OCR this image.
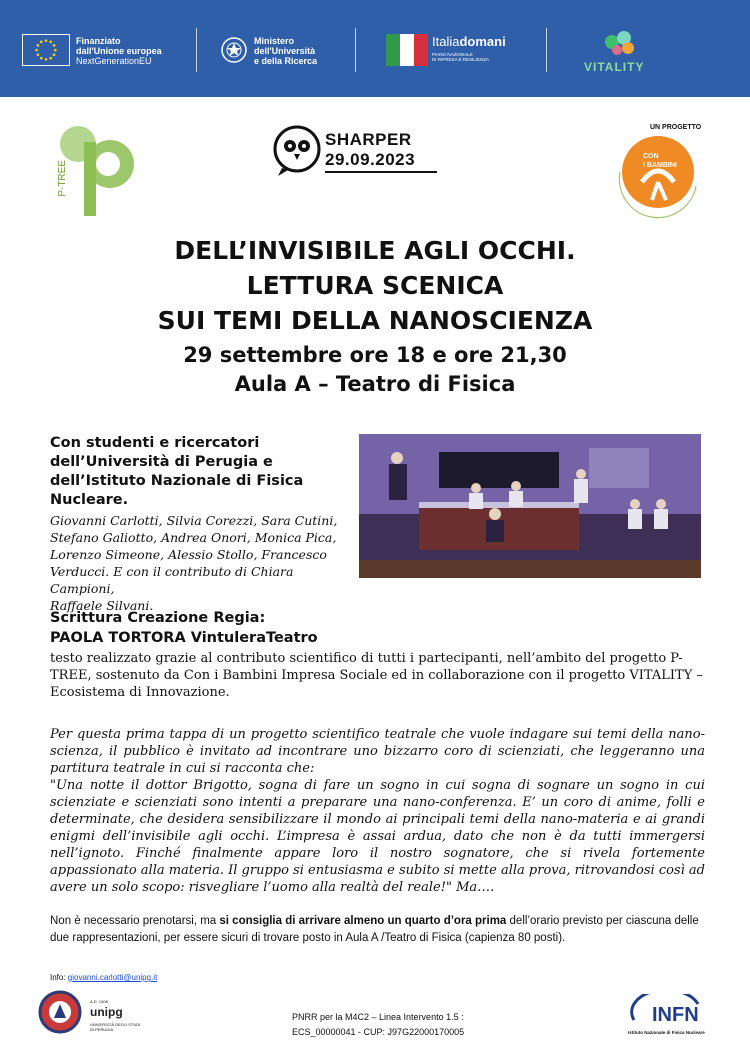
Finanziato
dall'Unione europea
NextGenerationEU
Ministero
dell'Università
e della Ricerca
Italiadomani
PIANO NAZIONALE
DI RIPRESA E RESILIENZA
VITALITY
P-TREE
SHARPER
29.09.2023
UN PROGETTO
CON
I BAMBINI
DELL’INVISIBILE AGLI OCCHI.
LETTURA SCENICA
SUI TEMI DELLA NANOSCIENZA
29 settembre ore 18 e ore 21,30
Aula A – Teatro di Fisica
Con studenti e ricercatori
dell’Università di Perugia e
dell’Istituto Nazionale di Fisica
Nucleare.
Giovanni Carlotti, Silvia Corezzi, Sara Cutini,
Stefano Galiotto, Andrea Onori, Monica Pica,
Lorenzo Simeone, Alessio Stollo, Francesco
Verducci. E con il contributo di Chiara Campioni,
Raffaele Silvani.
Scrittura Creazione Regia:
PAOLA TORTORA VintuleraTeatro
testo realizzato grazie al contributo scientifico di tutti i partecipanti, nell’ambito del progetto P-TREE, sostenuto da Con i Bambini Impresa Sociale ed in collaborazione con il progetto VITALITY – Ecosistema di Innovazione.
Per questa prima tappa di un progetto scientifico teatrale che vuole indagare sui temi della nano-scienza, il pubblico è invitato ad incontrare uno bizzarro coro di scienziati, che leggeranno una partitura teatrale in cui si racconta che:
"Una notte il dottor Brigotto, sogna di fare un sogno in cui sogna di sognare un sogno in cui scienziate e scienziati sono intenti a preparare una nano-conferenza. E’ un coro di anime, folli e determinate, che desidera sensibilizzare il mondo ai principali temi della nano-materia e ai grandi enigmi dell’invisibile agli occhi. L’impresa è assai ardua, dato che non è da tutti immergersi nell’ignoto. Finché finalmente appare loro il nostro sognatore, che si rivela fortemente appassionato alla materia. Il gruppo si entusiasma e subito si mette alla prova, ritrovandosi così ad avere un solo scopo: risvegliare l’uomo alla realtà del reale!" Ma….
Non è necessario prenotarsi, ma si consiglia di arrivare almeno un quarto d’ora prima dell’orario previsto per ciascuna delle due rappresentazioni, per essere sicuri di trovare posto in Aula A /Teatro di Fisica (capienza 80 posti).
Info: giovanni.carlotti@unipg.it
A.D. 1308
unipg
UNIVERSITÀ DEGLI STUDI
DI PERUGIA
PNRR per la M4C2 – Linea Intervento 1.5 :
ECS_00000041 - CUP: J97G22000170005
INFN
Istituto Nazionale di Fisica Nucleare
